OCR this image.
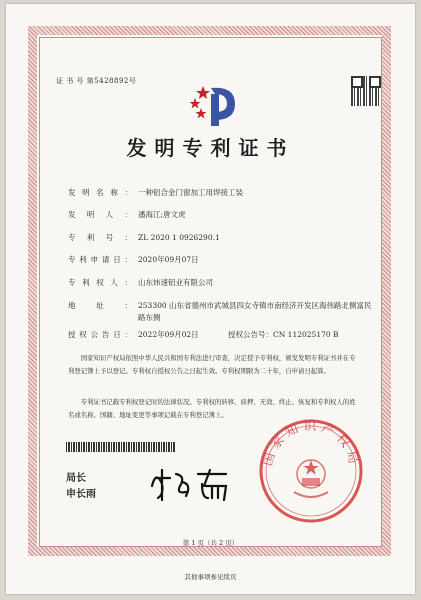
证 书 号 第5428892号
发明专利证书
发明名称 ：	一种铝合金门窗加工用焊接工装
发明人 ：	潘海江;唐文虎
专利号 ：	ZL 2020 1 0926290.1
专利申请日 ：	2020年09月07日
专利权人 ：	山东炜速铝业有限公司
地址 ：	253300 山东省德州市武城县四女寺镇市南经济开发区海伟路北侧富民路东侧
授权公告日 ：	2022年09月02日	授权公告号：CN 112025170 B
国家知识产权局依照中华人民共和国专利法进行审查，决定授予专利权，颁发发明专利证书并在专利登记簿上予以登记。专利权自授权公告之日起生效。专利权期限为二十年，自申请日起算。
专利证书记载专利权登记时的法律状况。专利权的转移、质押、无效、终止、恢复和专利权人的姓名或名称、国籍、地址变更等事项记载在专利登记簿上。
局长
申长雨
国家知识产权局
第 1 页（共 2 页）
其他事项参见续页
